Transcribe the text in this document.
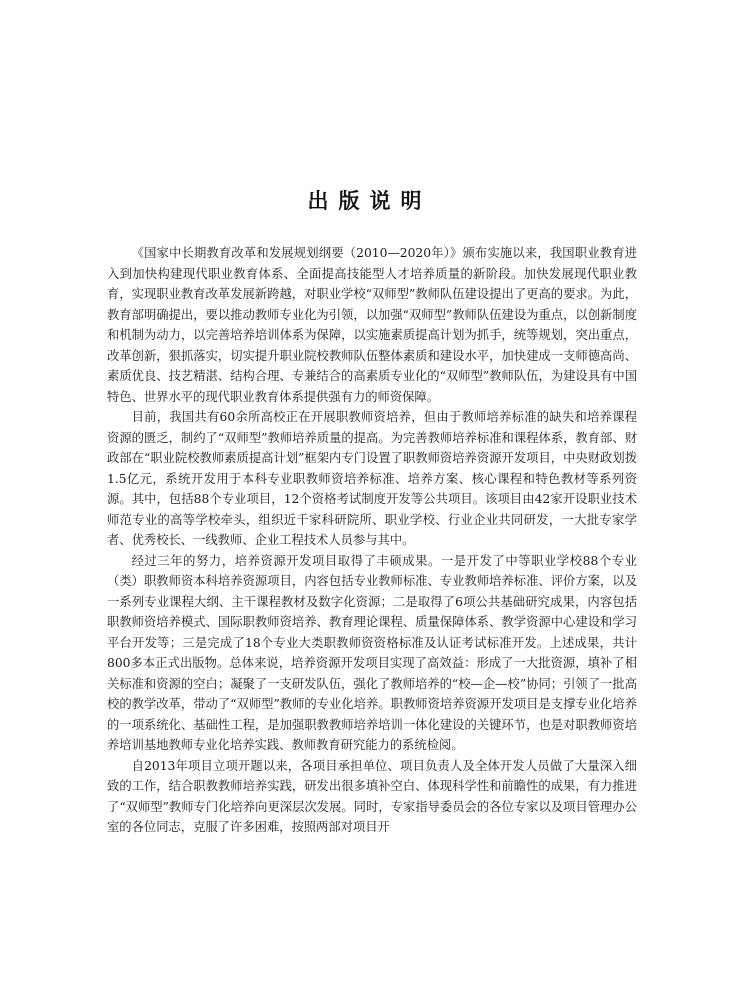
出版说明

《国家中长期教育改革和发展规划纲要（2010—2020年）》颁布实施以来，我国职业教育进入到加快构建现代职业教育体系、全面提高技能型人才培养质量的新阶段。加快发展现代职业教育，实现职业教育改革发展新跨越，对职业学校“双师型”教师队伍建设提出了更高的要求。为此，教育部明确提出，要以推动教师专业化为引领，以加强“双师型”教师队伍建设为重点，以创新制度和机制为动力，以完善培养培训体系为保障，以实施素质提高计划为抓手，统等规划，突出重点，改革创新，狠抓落实，切实提升职业院校教师队伍整体素质和建设水平，加快建成一支师德高尚、素质优良、技艺精湛、结构合理、专兼结合的高素质专业化的“双师型”教师队伍，为建设具有中国特色、世界水平的现代职业教育体系提供强有力的师资保障。

目前，我国共有60余所高校正在开展职教师资培养，但由于教师培养标准的缺失和培养课程资源的匮乏，制约了“双师型”教师培养质量的提高。为完善教师培养标准和课程体系，教育部、财政部在“职业院校教师素质提高计划”框架内专门设置了职教师资培养资源开发项目，中央财政划拨1.5亿元，系统开发用于本科专业职教师资培养标准、培养方案、核心课程和特色教材等系列资源。其中，包括88个专业项目，12个资格考试制度开发等公共项目。该项目由42家开设职业技术师范专业的高等学校牵头，组织近千家科研院所、职业学校、行业企业共同研发，一大批专家学者、优秀校长、一线教师、企业工程技术人员参与其中。

经过三年的努力，培养资源开发项目取得了丰硕成果。一是开发了中等职业学校88个专业（类）职教师资本科培养资源项目，内容包括专业教师标准、专业教师培养标准、评价方案，以及一系列专业课程大纲、主干课程教材及数字化资源；二是取得了6项公共基础研究成果，内容包括职教师资培养模式、国际职教师资培养、教育理论课程、质量保障体系、教学资源中心建设和学习平台开发等；三是完成了18个专业大类职教师资资格标准及认证考试标准开发。上述成果，共计800多本正式出版物。总体来说，培养资源开发项目实现了高效益：形成了一大批资源，填补了相关标准和资源的空白；凝聚了一支研发队伍，强化了教师培养的“校—企—校”协同；引领了一批高校的教学改革，带动了“双师型”教师的专业化培养。职教师资培养资源开发项目是支撑专业化培养的一项系统化、基础性工程，是加强职教教师培养培训一体化建设的关键环节，也是对职教师资培养培训基地教师专业化培养实践、教师教育研究能力的系统检阅。

自2013年项目立项开题以来，各项目承担单位、项目负责人及全体开发人员做了大量深入细致的工作，结合职教教师培养实践，研发出很多填补空白、体现科学性和前瞻性的成果，有力推进了“双师型”教师专门化培养向更深层次发展。同时，专家指导委员会的各位专家以及项目管理办公室的各位同志，克服了许多困难，按照两部对项目开
